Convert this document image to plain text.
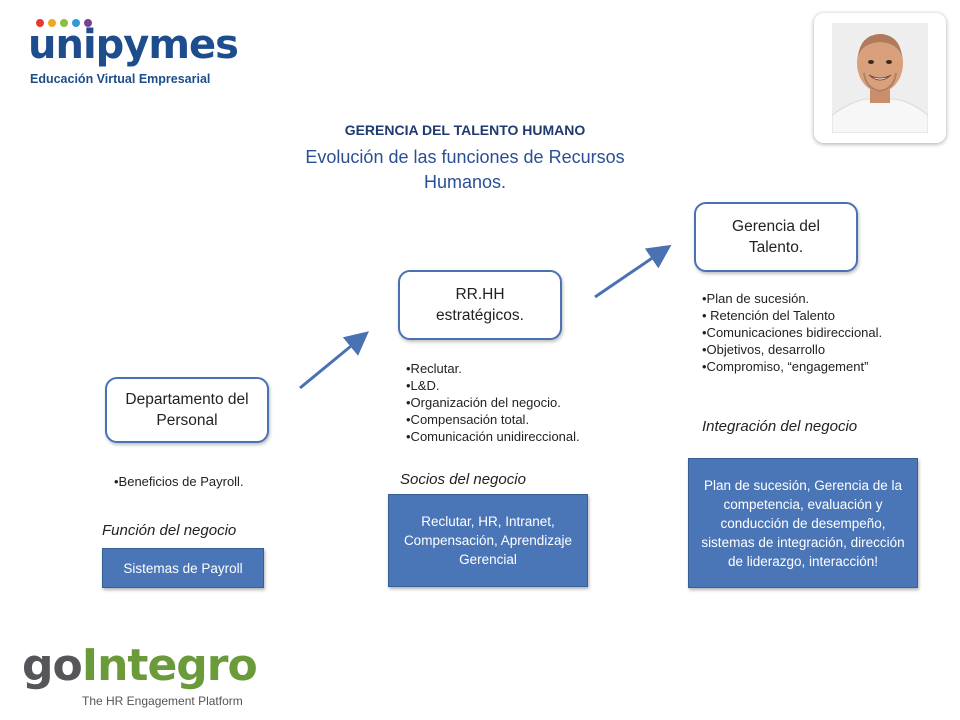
unipymes
Educación Virtual Empresarial
GERENCIA DEL TALENTO HUMANO
Evolución de las funciones de Recursos Humanos.
Departamento del Personal
•Beneficios de Payroll.
Función del negocio
Sistemas de Payroll
RR.HH estratégicos.
•Reclutar.
•L&D.
•Organización del negocio.
•Compensación total.
•Comunicación unidireccional.
Socios del negocio
Reclutar, HR, Intranet, Compensación, Aprendizaje Gerencial
Gerencia del Talento.
•Plan de sucesión.
• Retención del Talento
•Comunicaciones bidireccional.
•Objetivos, desarrollo
•Compromiso, “engagement”
Integración del negocio
Plan de sucesión, Gerencia de la competencia, evaluación y conducción de desempeño, sistemas de integración, dirección de liderazgo, interacción!
goIntegro
The HR Engagement Platform
